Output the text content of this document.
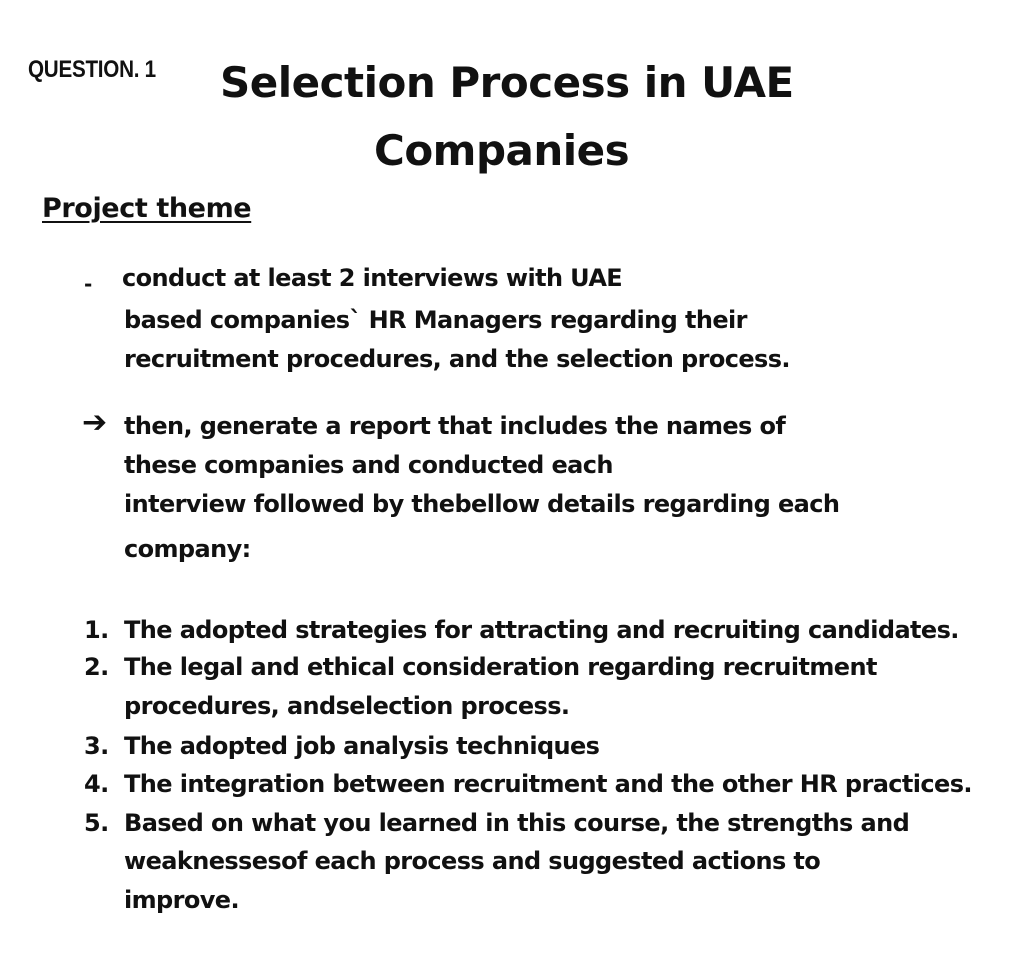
QUESTION. 1 Selection Process in UAE
Companies
Project theme
- conduct at least 2 interviews with UAE
based companies` HR Managers regarding their
recruitment procedures, and the selection process.
➔ then, generate a report that includes the names of
these companies and conducted each
interview followed by thebellow details regarding each
company:
1. The adopted strategies for attracting and recruiting candidates.
2. The legal and ethical consideration regarding recruitment
procedures, andselection process.
3. The adopted job analysis techniques
4. The integration between recruitment and the other HR practices.
5. Based on what you learned in this course, the strengths and
weaknessesof each process and suggested actions to
improve.
